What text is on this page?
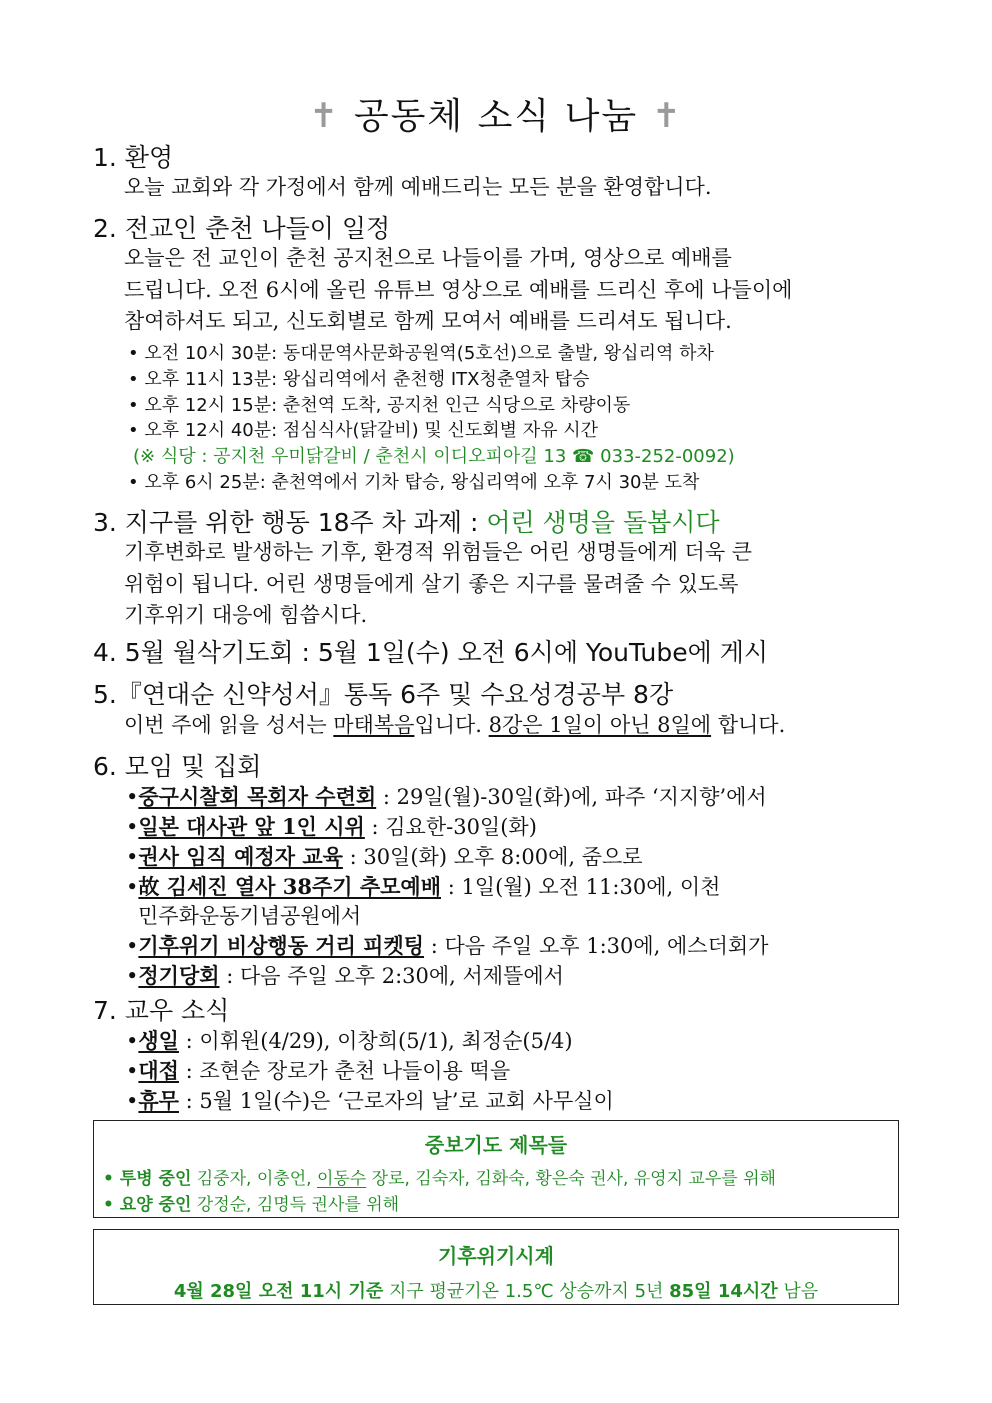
✝ 공동체 소식 나눔 ✝
1. 환영
오늘 교회와 각 가정에서 함께 예배드리는 모든 분을 환영합니다.
2. 전교인 춘천 나들이 일정
오늘은 전 교인이 춘천 공지천으로 나들이를 가며, 영상으로 예배를
드립니다. 오전 6시에 올린 유튜브 영상으로 예배를 드리신 후에 나들이에
참여하셔도 되고, 신도회별로 함께 모여서 예배를 드리셔도 됩니다.
• 오전 10시 30분: 동대문역사문화공원역(5호선)으로 출발, 왕십리역 하차
• 오후 11시 13분: 왕십리역에서 춘천행 ITX청춘열차 탑승
• 오후 12시 15분: 춘천역 도착, 공지천 인근 식당으로 차량이동
• 오후 12시 40분: 점심식사(닭갈비) 및 신도회별 자유 시간
(※ 식당 : 공지천 우미닭갈비 / 춘천시 이디오피아길 13 ☎ 033-252-0092)
• 오후 6시 25분: 춘천역에서 기차 탑승, 왕십리역에 오후 7시 30분 도착
3. 지구를 위한 행동 18주 차 과제 : 어린 생명을 돌봅시다
기후변화로 발생하는 기후, 환경적 위험들은 어린 생명들에게 더욱 큰
위험이 됩니다. 어린 생명들에게 살기 좋은 지구를 물려줄 수 있도록
기후위기 대응에 힘씁시다.
4. 5월 월삭기도회 : 5월 1일(수) 오전 6시에 YouTube에 게시
5.『연대순 신약성서』통독 6주 및 수요성경공부 8강
이번 주에 읽을 성서는 마태복음입니다. 8강은 1일이 아닌 8일에 합니다.
6. 모임 및 집회
•중구시찰회 목회자 수련회 : 29일(월)-30일(화)에, 파주 ‘지지향’에서
•일본 대사관 앞 1인 시위 : 김요한-30일(화)
•권사 임직 예정자 교육 : 30일(화) 오후 8:00에, 줌으로
•故 김세진 열사 38주기 추모예배 : 1일(월) 오전 11:30에, 이천
민주화운동기념공원에서
•기후위기 비상행동 거리 피켓팅 : 다음 주일 오후 1:30에, 에스더회가
•정기당회 : 다음 주일 오후 2:30에, 서제뜰에서
7. 교우 소식
•생일 : 이휘원(4/29), 이창희(5/1), 최정순(5/4)
•대접 : 조현순 장로가 춘천 나들이용 떡을
•휴무 : 5월 1일(수)은 ‘근로자의 날’로 교회 사무실이
중보기도 제목들
• 투병 중인 김중자, 이충언, 이동수 장로, 김숙자, 김화숙, 황은숙 권사, 유영지 교우를 위해
• 요양 중인 강정순, 김명득 권사를 위해
기후위기시계
4월 28일 오전 11시 기준 지구 평균기온 1.5℃ 상승까지 5년 85일 14시간 남음
